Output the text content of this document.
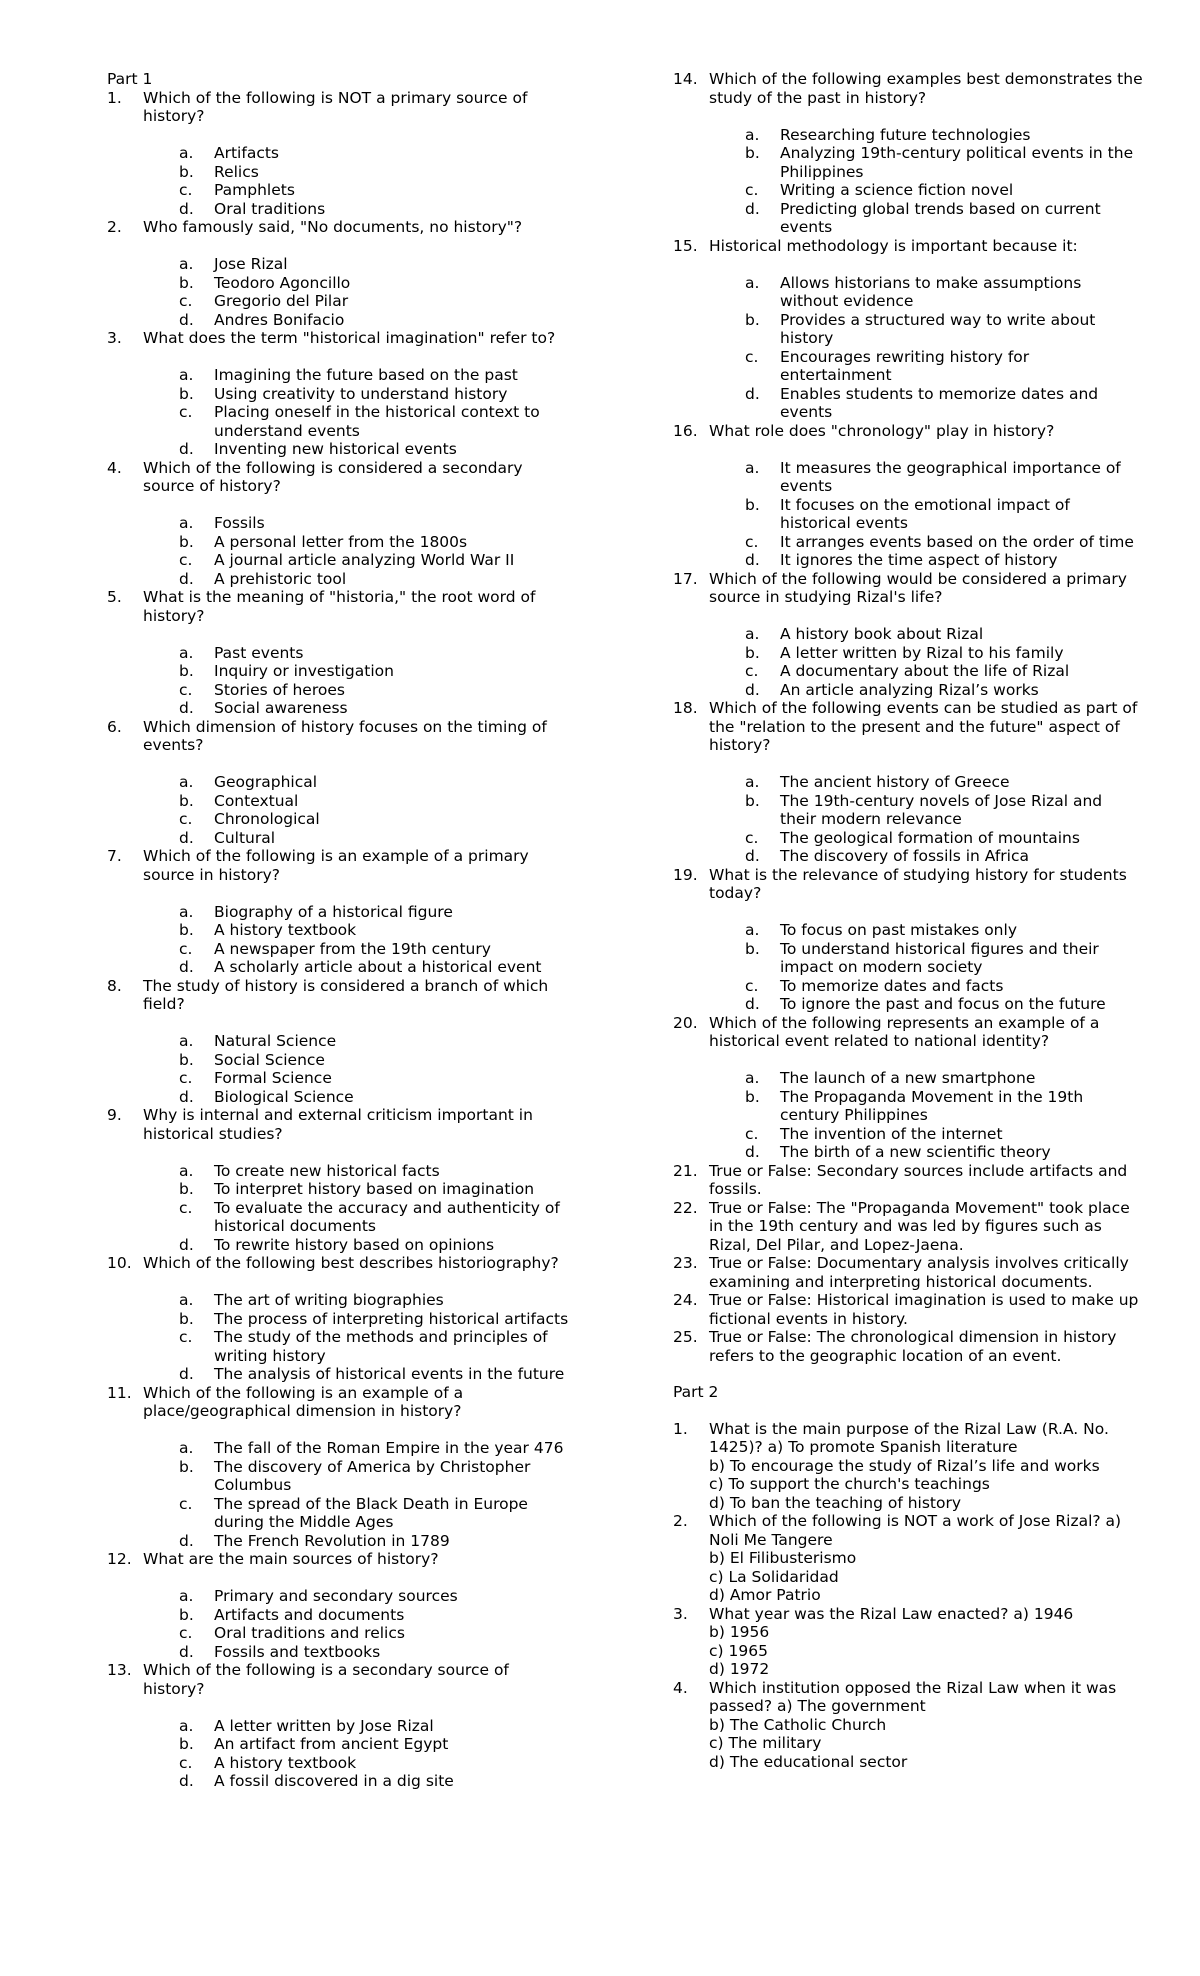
Part 1
1. Which of the following is NOT a primary source of history?
a. Artifacts
b. Relics
c. Pamphlets
d. Oral traditions
2. Who famously said, "No documents, no history"?
a. Jose Rizal
b. Teodoro Agoncillo
c. Gregorio del Pilar
d. Andres Bonifacio
3. What does the term "historical imagination" refer to?
a. Imagining the future based on the past
b. Using creativity to understand history
c. Placing oneself in the historical context to understand events
d. Inventing new historical events
4. Which of the following is considered a secondary source of history?
a. Fossils
b. A personal letter from the 1800s
c. A journal article analyzing World War II
d. A prehistoric tool
5. What is the meaning of "historia," the root word of history?
a. Past events
b. Inquiry or investigation
c. Stories of heroes
d. Social awareness
6. Which dimension of history focuses on the timing of events?
a. Geographical
b. Contextual
c. Chronological
d. Cultural
7. Which of the following is an example of a primary source in history?
a. Biography of a historical figure
b. A history textbook
c. A newspaper from the 19th century
d. A scholarly article about a historical event
8. The study of history is considered a branch of which field?
a. Natural Science
b. Social Science
c. Formal Science
d. Biological Science
9. Why is internal and external criticism important in historical studies?
a. To create new historical facts
b. To interpret history based on imagination
c. To evaluate the accuracy and authenticity of historical documents
d. To rewrite history based on opinions
10. Which of the following best describes historiography?
a. The art of writing biographies
b. The process of interpreting historical artifacts
c. The study of the methods and principles of writing history
d. The analysis of historical events in the future
11. Which of the following is an example of a place/geographical dimension in history?
a. The fall of the Roman Empire in the year 476
b. The discovery of America by Christopher Columbus
c. The spread of the Black Death in Europe during the Middle Ages
d. The French Revolution in 1789
12. What are the main sources of history?
a. Primary and secondary sources
b. Artifacts and documents
c. Oral traditions and relics
d. Fossils and textbooks
13. Which of the following is a secondary source of history?
a. A letter written by Jose Rizal
b. An artifact from ancient Egypt
c. A history textbook
d. A fossil discovered in a dig site
14. Which of the following examples best demonstrates the study of the past in history?
a. Researching future technologies
b. Analyzing 19th-century political events in the Philippines
c. Writing a science fiction novel
d. Predicting global trends based on current events
15. Historical methodology is important because it:
a. Allows historians to make assumptions without evidence
b. Provides a structured way to write about history
c. Encourages rewriting history for entertainment
d. Enables students to memorize dates and events
16. What role does "chronology" play in history?
a. It measures the geographical importance of events
b. It focuses on the emotional impact of historical events
c. It arranges events based on the order of time
d. It ignores the time aspect of history
17. Which of the following would be considered a primary source in studying Rizal's life?
a. A history book about Rizal
b. A letter written by Rizal to his family
c. A documentary about the life of Rizal
d. An article analyzing Rizal’s works
18. Which of the following events can be studied as part of the "relation to the present and the future" aspect of history?
a. The ancient history of Greece
b. The 19th-century novels of Jose Rizal and their modern relevance
c. The geological formation of mountains
d. The discovery of fossils in Africa
19. What is the relevance of studying history for students today?
a. To focus on past mistakes only
b. To understand historical figures and their impact on modern society
c. To memorize dates and facts
d. To ignore the past and focus on the future
20. Which of the following represents an example of a historical event related to national identity?
a. The launch of a new smartphone
b. The Propaganda Movement in the 19th century Philippines
c. The invention of the internet
d. The birth of a new scientific theory
21. True or False: Secondary sources include artifacts and fossils.
22. True or False: The "Propaganda Movement" took place in the 19th century and was led by figures such as Rizal, Del Pilar, and Lopez-Jaena.
23. True or False: Documentary analysis involves critically examining and interpreting historical documents.
24. True or False: Historical imagination is used to make up fictional events in history.
25. True or False: The chronological dimension in history refers to the geographic location of an event.
Part 2
1. What is the main purpose of the Rizal Law (R.A. No. 1425)? a) To promote Spanish literature
b) To encourage the study of Rizal’s life and works
c) To support the church's teachings
d) To ban the teaching of history
2. Which of the following is NOT a work of Jose Rizal? a) Noli Me Tangere
b) El Filibusterismo
c) La Solidaridad
d) Amor Patrio
3. What year was the Rizal Law enacted? a) 1946
b) 1956
c) 1965
d) 1972
4. Which institution opposed the Rizal Law when it was passed? a) The government
b) The Catholic Church
c) The military
d) The educational sector
